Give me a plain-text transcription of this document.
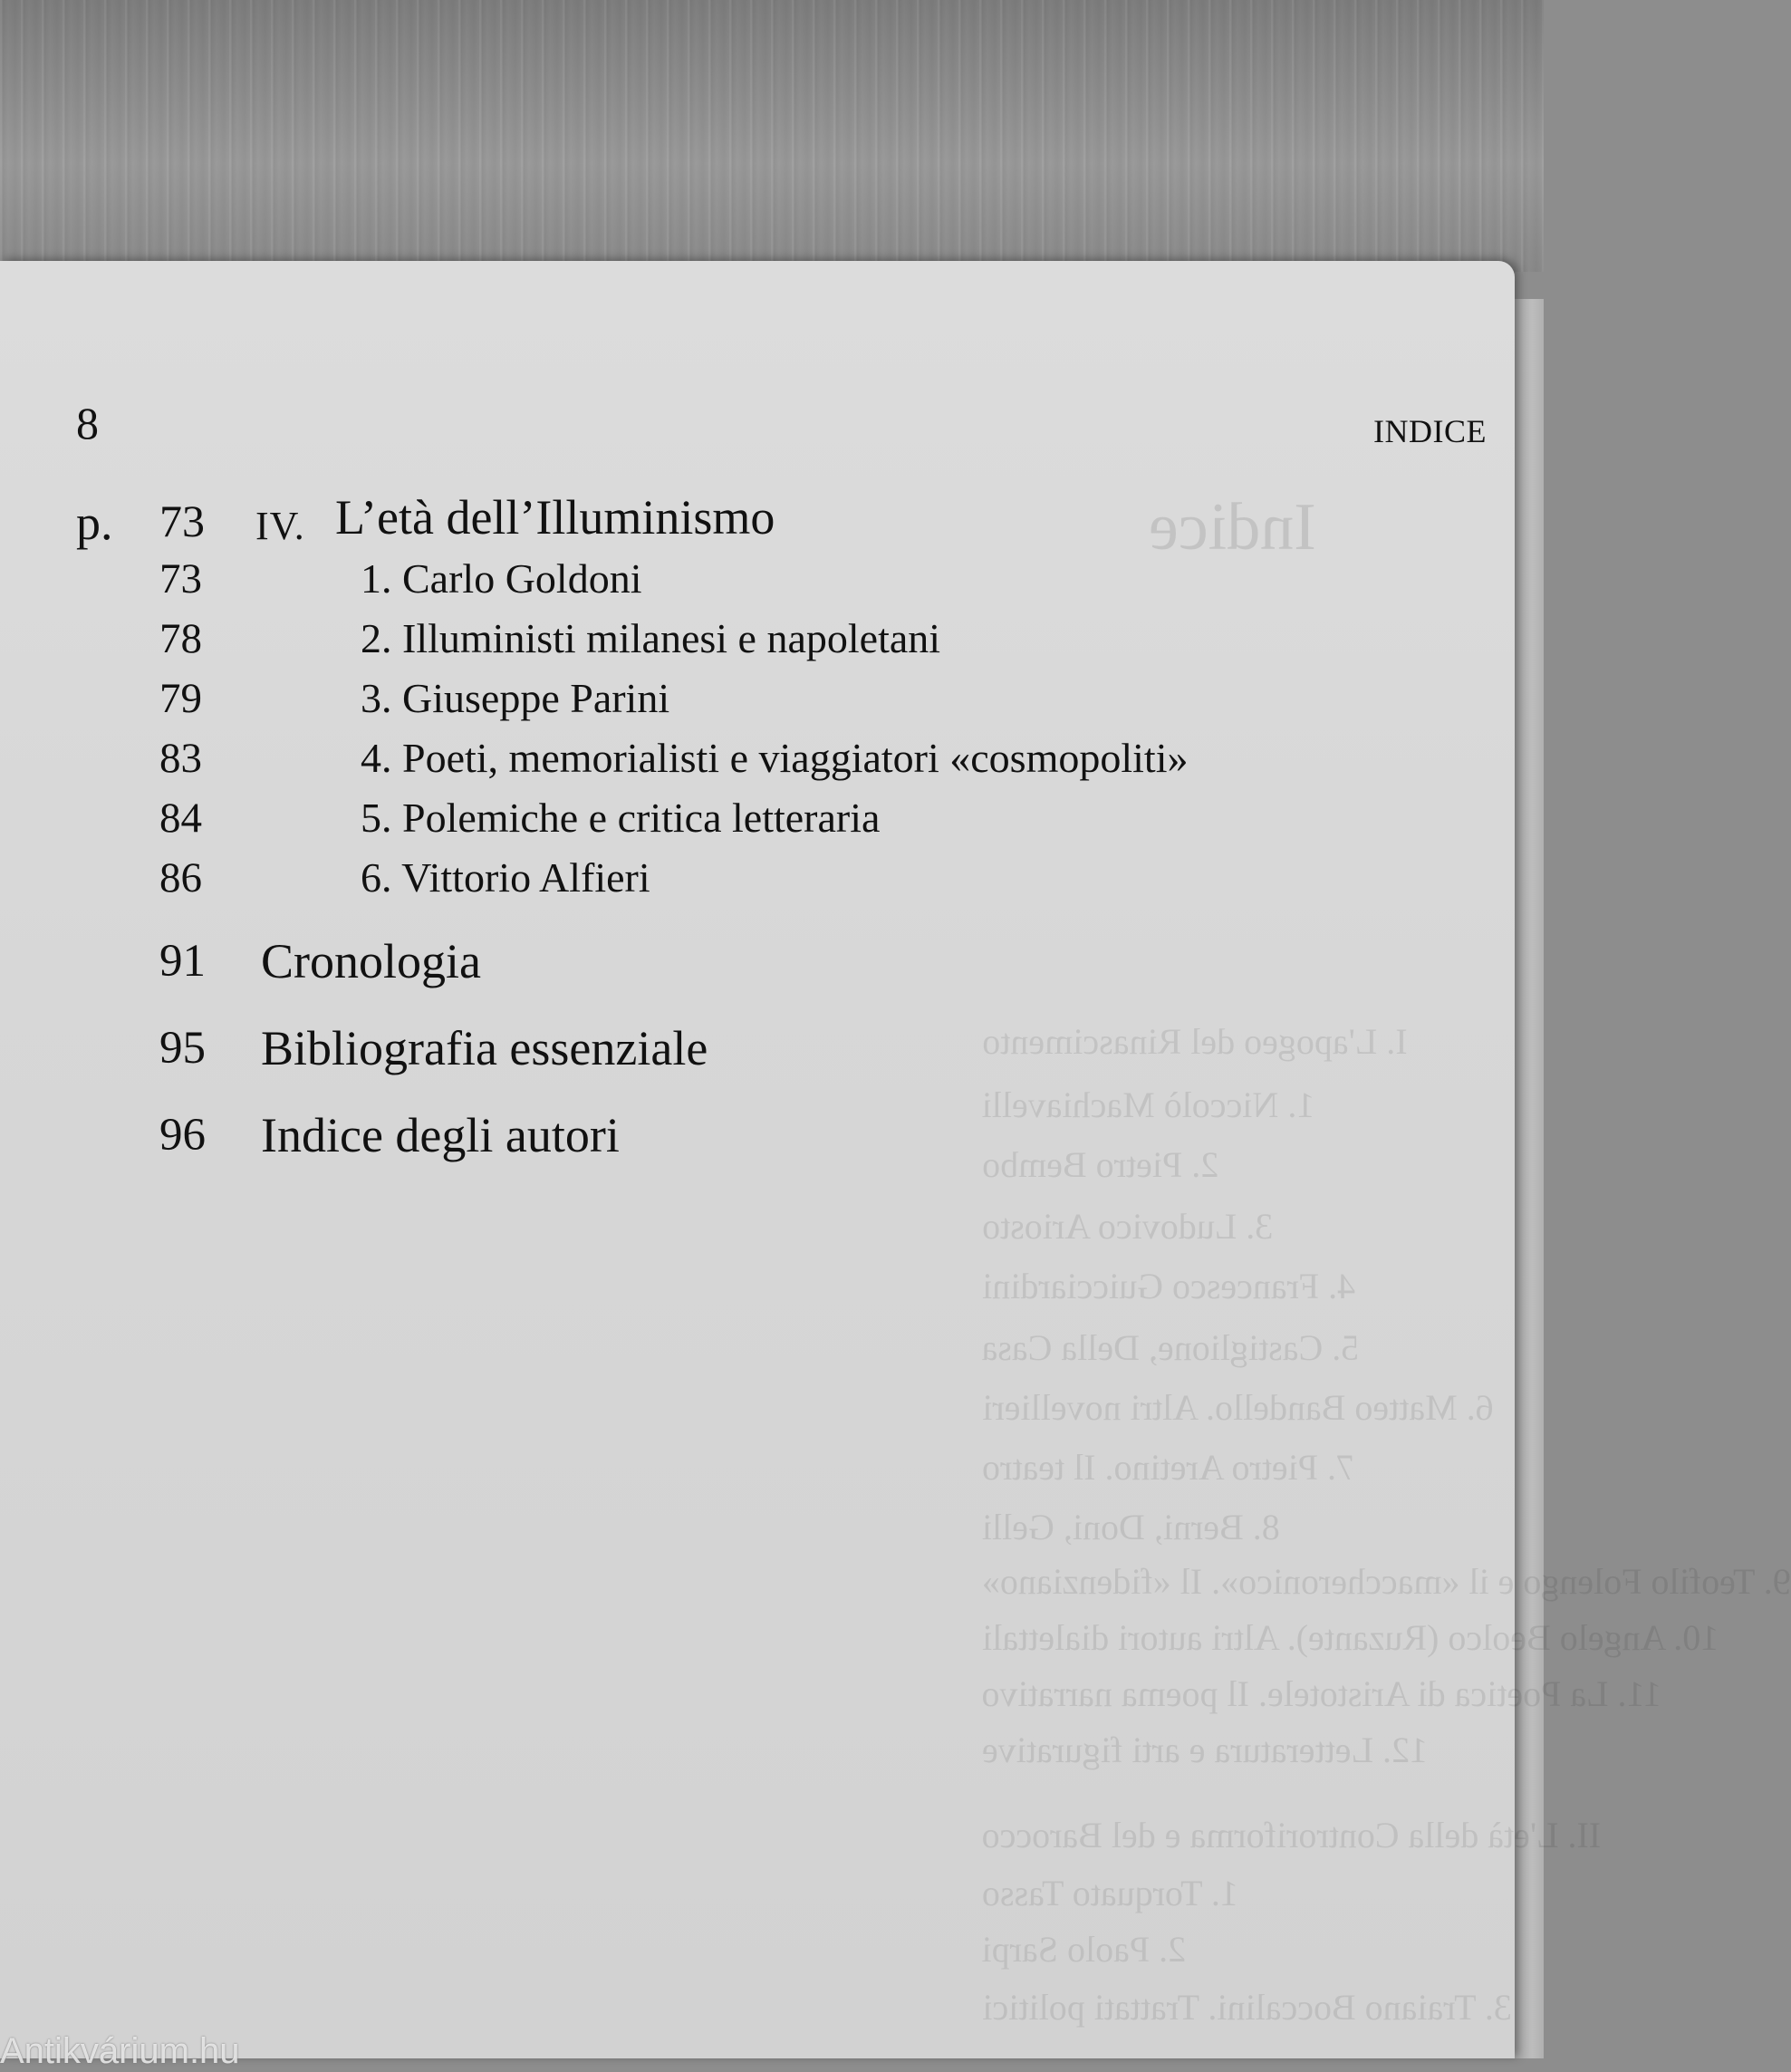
Indice
I. L'apogeo del Rinascimento
1. Niccolò Machiavelli
2. Pietro Bembo
3. Ludovico Ariosto
4. Francesco Guicciardini
5. Castiglione, Della Casa
6. Matteo Bandello. Altri novellieri
7. Pietro Aretino. Il teatro
8. Berni, Doni, Gelli
9. Teofilo Folengo e il «maccheronico». Il «fidenziano»
10. Angelo Beolco (Ruzante). Altri autori dialettali
11. La Poetica di Aristotele. Il poema narrativo
12. Letteratura e arti figurative
II. L'età della Controriforma e del Barocco
1. Torquato Tasso
2. Paolo Sarpi
3. Traiano Boccalini. Trattati politici
8	INDICE
p. 73 IV. L’età dell’Illuminismo
73	1. Carlo Goldoni
78	2. Illuministi milanesi e napoletani
79	3. Giuseppe Parini
83	4. Poeti, memorialisti e viaggiatori «cosmopoliti»
84	5. Polemiche e critica letteraria
86	6. Vittorio Alfieri
91 Cronologia
95 Bibliografia essenziale
96 Indice degli autori
Antikvárium.hu
